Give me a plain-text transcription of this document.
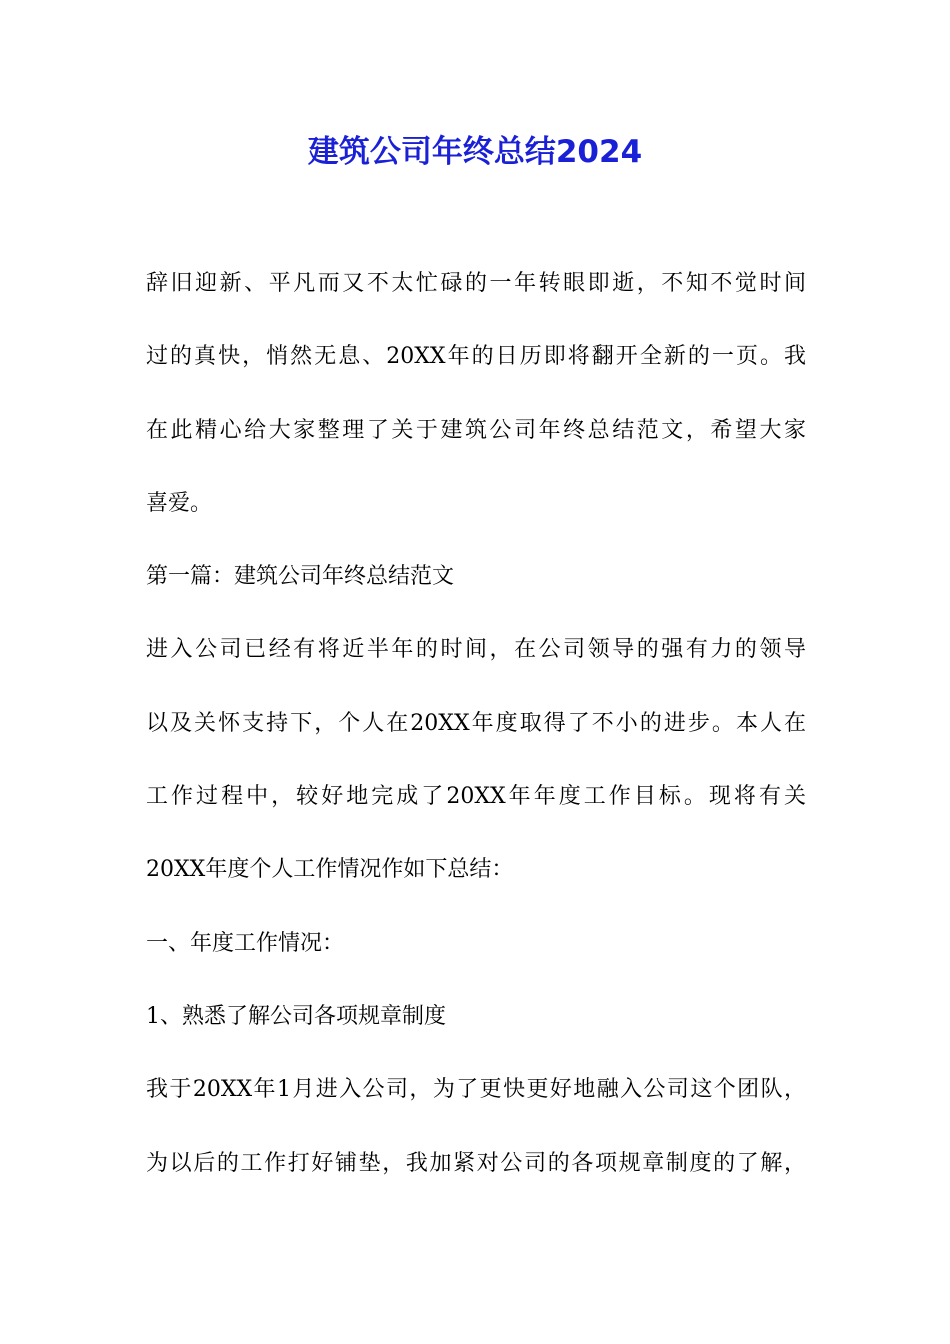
建筑公司年终总结2024
辞旧迎新、平凡而又不太忙碌的一年转眼即逝，不知不觉时间
过的真快，悄然无息、20XX年的日历即将翻开全新的一页。我
在此精心给大家整理了关于建筑公司年终总结范文，希望大家
喜爱。
第一篇：建筑公司年终总结范文
进入公司已经有将近半年的时间，在公司领导的强有力的领导
以及关怀支持下，个人在20XX年度取得了不小的进步。本人在
工作过程中，较好地完成了20XX年年度工作目标。现将有关
20XX年度个人工作情况作如下总结：
一、年度工作情况：
1、熟悉了解公司各项规章制度
我于20XX年1月进入公司，为了更快更好地融入公司这个团队，
为以后的工作打好铺垫，我加紧对公司的各项规章制度的了解，
